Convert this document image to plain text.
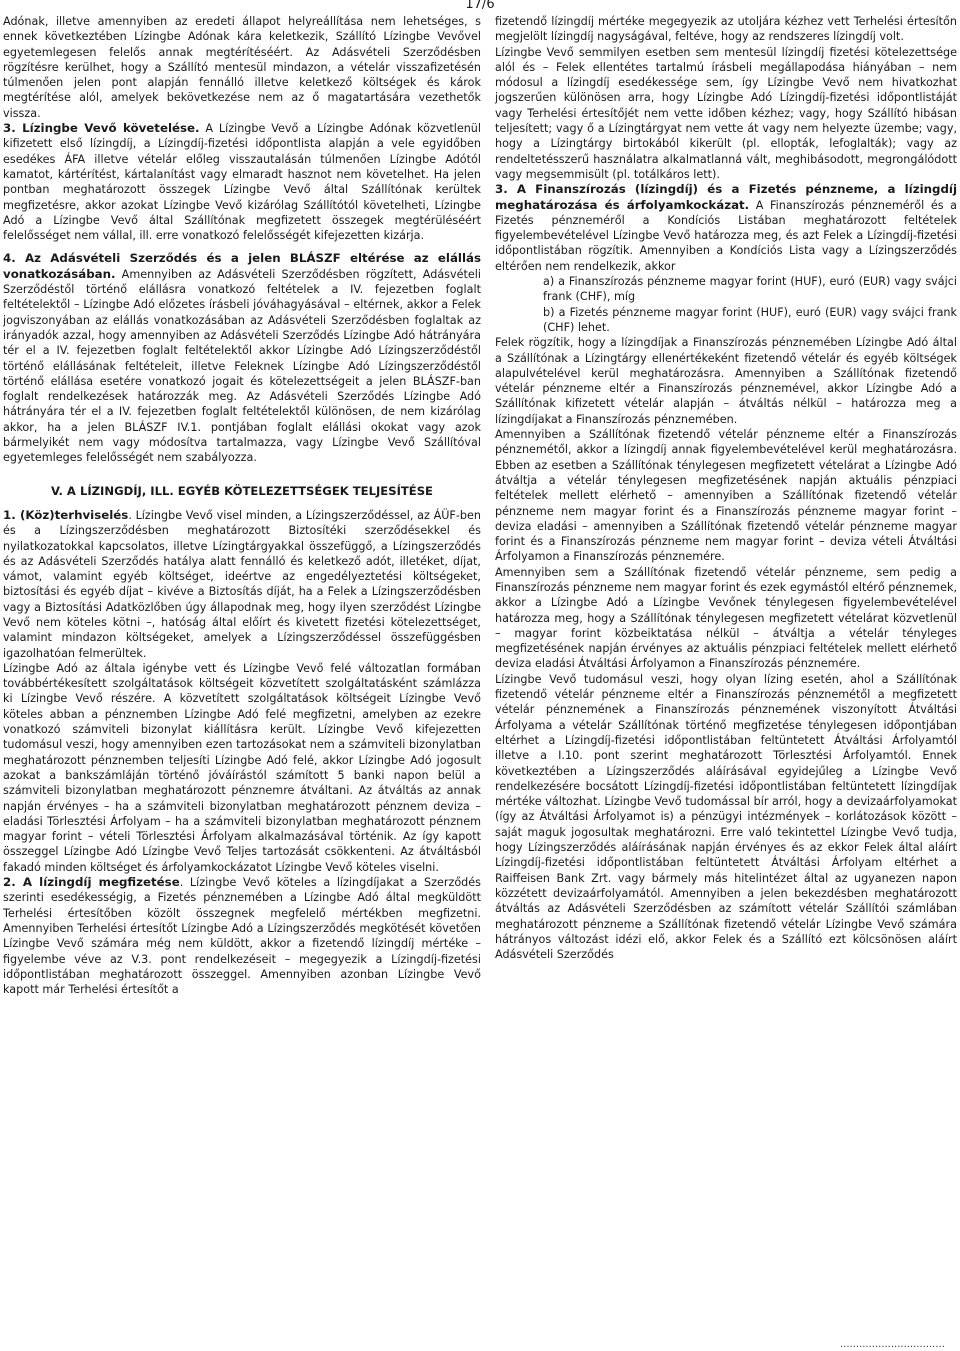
17/6

Adónak, illetve amennyiben az eredeti állapot helyreállítása nem lehetséges, s ennek következtében Lízingbe Adónak kára keletkezik, Szállító Lízingbe Vevővel egyetemlegesen felelős annak megtérítéséért. Az Adásvételi Szerződésben rögzítésre kerülhet, hogy a Szállító mentesül mindazon, a vételár visszafizetésén túlmenően jelen pont alapján fennálló illetve keletkező költségek és károk megtérítése alól, amelyek bekövetkezése nem az ő magatartására vezethetők vissza.

3. Lízingbe Vevő követelése. A Lízingbe Vevő a Lízingbe Adónak közvetlenül kifizetett első lízingdíj, a Lízingdíj-fizetési időpontlista alapján a vele egyidőben esedékes ÁFA illetve vételár előleg visszautalásán túlmenően Lízingbe Adótól kamatot, kártérítést, kártalanítást vagy elmaradt hasznot nem követelhet. Ha jelen pontban meghatározott összegek Lízingbe Vevő által Szállítónak kerültek megfizetésre, akkor azokat Lízingbe Vevő kizárólag Szállítótól követelheti, Lízingbe Adó a Lízingbe Vevő által Szállítónak megfizetett összegek megtérüléséért felelősséget nem vállal, ill. erre vonatkozó felelősségét kifejezetten kizárja.

4. Az Adásvételi Szerződés és a jelen BLÁSZF eltérése az elállás vonatkozásában. Amennyiben az Adásvételi Szerződésben rögzített, Adásvételi Szerződéstől történő elállásra vonatkozó feltételek a IV. fejezetben foglalt feltételektől – Lízingbe Adó előzetes írásbeli jóváhagyásával – eltérnek, akkor a Felek jogviszonyában az elállás vonatkozásában az Adásvételi Szerződésben foglaltak az irányadók azzal, hogy amennyiben az Adásvételi Szerződés Lízingbe Adó hátrányára tér el a IV. fejezetben foglalt feltételektől akkor Lízingbe Adó Lízingszerződéstől történő elállásának feltételeit, illetve Feleknek Lízingbe Adó Lízingszerződéstől történő elállása esetére vonatkozó jogait és kötelezettségeit a jelen BLÁSZF-ban foglalt rendelkezések határozzák meg. Az Adásvételi Szerződés Lízingbe Adó hátrányára tér el a IV. fejezetben foglalt feltételektől különösen, de nem kizárólag akkor, ha a jelen BLÁSZF IV.1. pontjában foglalt elállási okokat vagy azok bármelyikét nem vagy módosítva tartalmazza, vagy Lízingbe Vevő Szállítóval egyetemleges felelősségét nem szabályozza.

V. A LÍZINGDÍJ, ILL. EGYÉB KÖTELEZETTSÉGEK TELJESÍTÉSE

1. (Köz)terhviselés. Lízingbe Vevő visel minden, a Lízingszerződéssel, az ÁÜF-ben és a Lízingszerződésben meghatározott Biztosítéki szerződésekkel és nyilatkozatokkal kapcsolatos, illetve Lízingtárgyakkal összefüggő, a Lízingszerződés és az Adásvételi Szerződés hatálya alatt fennálló és keletkező adót, illetéket, díjat, vámot, valamint egyéb költséget, ideértve az engedélyeztetési költségeket, biztosítási és egyéb díjat – kivéve a Biztosítás díját, ha a Felek a Lízingszerződésben vagy a Biztosítási Adatközlőben úgy állapodnak meg, hogy ilyen szerződést Lízingbe Vevő nem köteles kötni –, hatóság által előírt és kivetett fizetési kötelezettséget, valamint mindazon költségeket, amelyek a Lízingszerződéssel összefüggésben igazolhatóan felmerültek.

Lízingbe Adó az általa igénybe vett és Lízingbe Vevő felé változatlan formában továbbértékesített szolgáltatások költségeit közvetített szolgáltatásként számlázza ki Lízingbe Vevő részére. A közvetített szolgáltatások költségeit Lízingbe Vevő köteles abban a pénznemben Lízingbe Adó felé megfizetni, amelyben az ezekre vonatkozó számviteli bizonylat kiállításra került. Lízingbe Vevő kifejezetten tudomásul veszi, hogy amennyiben ezen tartozásokat nem a számviteli bizonylatban meghatározott pénznemben teljesíti Lízingbe Adó felé, akkor Lízingbe Adó jogosult azokat a bankszámláján történő jóváírástól számított 5 banki napon belül a számviteli bizonylatban meghatározott pénznemre átváltani. Az átváltás az annak napján érvényes – ha a számviteli bizonylatban meghatározott pénznem deviza – eladási Törlesztési Árfolyam – ha a számviteli bizonylatban meghatározott pénznem magyar forint – vételi Törlesztési Árfolyam alkalmazásával történik. Az így kapott összeggel Lízingbe Adó Lízingbe Vevő Teljes tartozását csökkenteni. Az átváltásból fakadó minden költséget és árfolyamkockázatot Lízingbe Vevő köteles viselni.

2. A lízingdíj megfizetése. Lízingbe Vevő köteles a lízingdíjakat a Szerződés szerinti esedékességig, a Fizetés pénznemében a Lízingbe Adó által megküldött Terhelési értesítőben közölt összegnek megfelelő mértékben megfizetni. Amennyiben Terhelési értesítőt Lízingbe Adó a Lízingszerződés megkötését követően Lízingbe Vevő számára még nem küldött, akkor a fizetendő lízingdíj mértéke – figyelembe véve az V.3. pont rendelkezéseit – megegyezik a Lízingdíj-fizetési időpontlistában meghatározott összeggel. Amennyiben azonban Lízingbe Vevő kapott már Terhelési értesítőt a

fizetendő lízingdíj mértéke megegyezik az utoljára kézhez vett Terhelési értesítőn megjelölt lízingdíj nagyságával, feltéve, hogy az rendszeres lízingdíj volt.

Lízingbe Vevő semmilyen esetben sem mentesül lízingdíj fizetési kötelezettsége alól és – Felek ellentétes tartalmú írásbeli megállapodása hiányában – nem módosul a lízingdíj esedékessége sem, így Lízingbe Vevő nem hivatkozhat jogszerűen különösen arra, hogy Lízingbe Adó Lízingdíj-fizetési időpontlistáját vagy Terhelési értesítőjét nem vette időben kézhez; vagy, hogy Szállító hibásan teljesített; vagy ő a Lízingtárgyat nem vette át vagy nem helyezte üzembe; vagy, hogy a Lízingtárgy birtokából kikerült (pl. ellopták, lefoglalták); vagy az rendeltetésszerű használatra alkalmatlanná vált, meghibásodott, megrongálódott vagy megsemmisült (pl. totálkáros lett).

3. A Finanszírozás (lízingdíj) és a Fizetés pénzneme, a lízingdíj meghatározása és árfolyamkockázat. A Finanszírozás pénzneméről és a Fizetés pénzneméről a Kondíciós Listában meghatározott feltételek figyelembevételével Lízingbe Vevő határozza meg, és azt Felek a Lízingdíj-fizetési időpontlistában rögzítik. Amennyiben a Kondíciós Lista vagy a Lízingszerződés eltérően nem rendelkezik, akkor

a) a Finanszírozás pénzneme magyar forint (HUF), euró (EUR) vagy svájci frank (CHF), míg
b) a Fizetés pénzneme magyar forint (HUF), euró (EUR) vagy svájci frank (CHF) lehet.

Felek rögzítik, hogy a lízingdíjak a Finanszírozás pénznemében Lízingbe Adó által a Szállítónak a Lízingtárgy ellenértékeként fizetendő vételár és egyéb költségek alapulvételével kerül meghatározásra. Amennyiben a Szállítónak fizetendő vételár pénzneme eltér a Finanszírozás pénznemével, akkor Lízingbe Adó a Szállítónak kifizetett vételár alapján – átváltás nélkül – határozza meg a lízingdíjakat a Finanszírozás pénznemében.

Amennyiben a Szállítónak fizetendő vételár pénzneme eltér a Finanszírozás pénznemétől, akkor a lízingdíj annak figyelembevételével kerül meghatározásra. Ebben az esetben a Szállítónak ténylegesen megfizetett vételárat a Lízingbe Adó átváltja a vételár ténylegesen megfizetésének napján aktuális pénzpiaci feltételek mellett elérhető – amennyiben a Szállítónak fizetendő vételár pénzneme nem magyar forint és a Finanszírozás pénzneme magyar forint – deviza eladási – amennyiben a Szállítónak fizetendő vételár pénzneme magyar forint és a Finanszírozás pénzneme nem magyar forint – deviza vételi Átváltási Árfolyamon a Finanszírozás pénznemére.

Amennyiben sem a Szállítónak fizetendő vételár pénzneme, sem pedig a Finanszírozás pénzneme nem magyar forint és ezek egymástól eltérő pénznemek, akkor a Lízingbe Adó a Lízingbe Vevőnek ténylegesen figyelembevételével határozza meg, hogy a Szállítónak ténylegesen megfizetett vételárat közvetlenül – magyar forint közbeiktatása nélkül – átváltja a vételár tényleges megfizetésének napján érvényes az aktuális pénzpiaci feltételek mellett elérhető deviza eladási Átváltási Árfolyamon a Finanszírozás pénznemére.

Lízingbe Vevő tudomásul veszi, hogy olyan lízing esetén, ahol a Szállítónak fizetendő vételár pénzneme eltér a Finanszírozás pénznemétől a megfizetett vételár pénznemének a Finanszírozás pénznemének viszonyított Átváltási Árfolyama a vételár Szállítónak történő megfizetése ténylegesen időpontjában eltérhet a Lízingdíj-fizetési időpontlistában feltüntetett Átváltási Árfolyamtól illetve a I.10. pont szerint meghatározott Törlesztési Árfolyamtól. Ennek következtében a Lízingszerződés aláírásával egyidejűleg a Lízingbe Vevő rendelkezésére bocsátott Lízingdíj-fizetési időpontlistában feltüntetett lízingdíjak mértéke változhat. Lízingbe Vevő tudomással bír arról, hogy a devizaárfolyamokat (így az Átváltási Árfolyamot is) a pénzügyi intézmények – korlátozások között – saját maguk jogosultak meghatározni. Erre való tekintettel Lízingbe Vevő tudja, hogy Lízingszerződés aláírásának napján érvényes és az ekkor Felek által aláírt Lízingdíj-fizetési időpontlistában feltüntetett Átváltási Árfolyam eltérhet a Raiffeisen Bank Zrt. vagy bármely más hitelintézet által az ugyanezen napon közzétett devizaárfolyamától. Amennyiben a jelen bekezdésben meghatározott átváltás az Adásvételi Szerződésben az számított vételár Szállítói számlában meghatározott pénzneme a Szállítónak fizetendő vételár Lízingbe Vevő számára hátrányos változást idézi elő, akkor Felek és a Szállító ezt kölcsönösen aláírt Adásvételi Szerződés

.................................
